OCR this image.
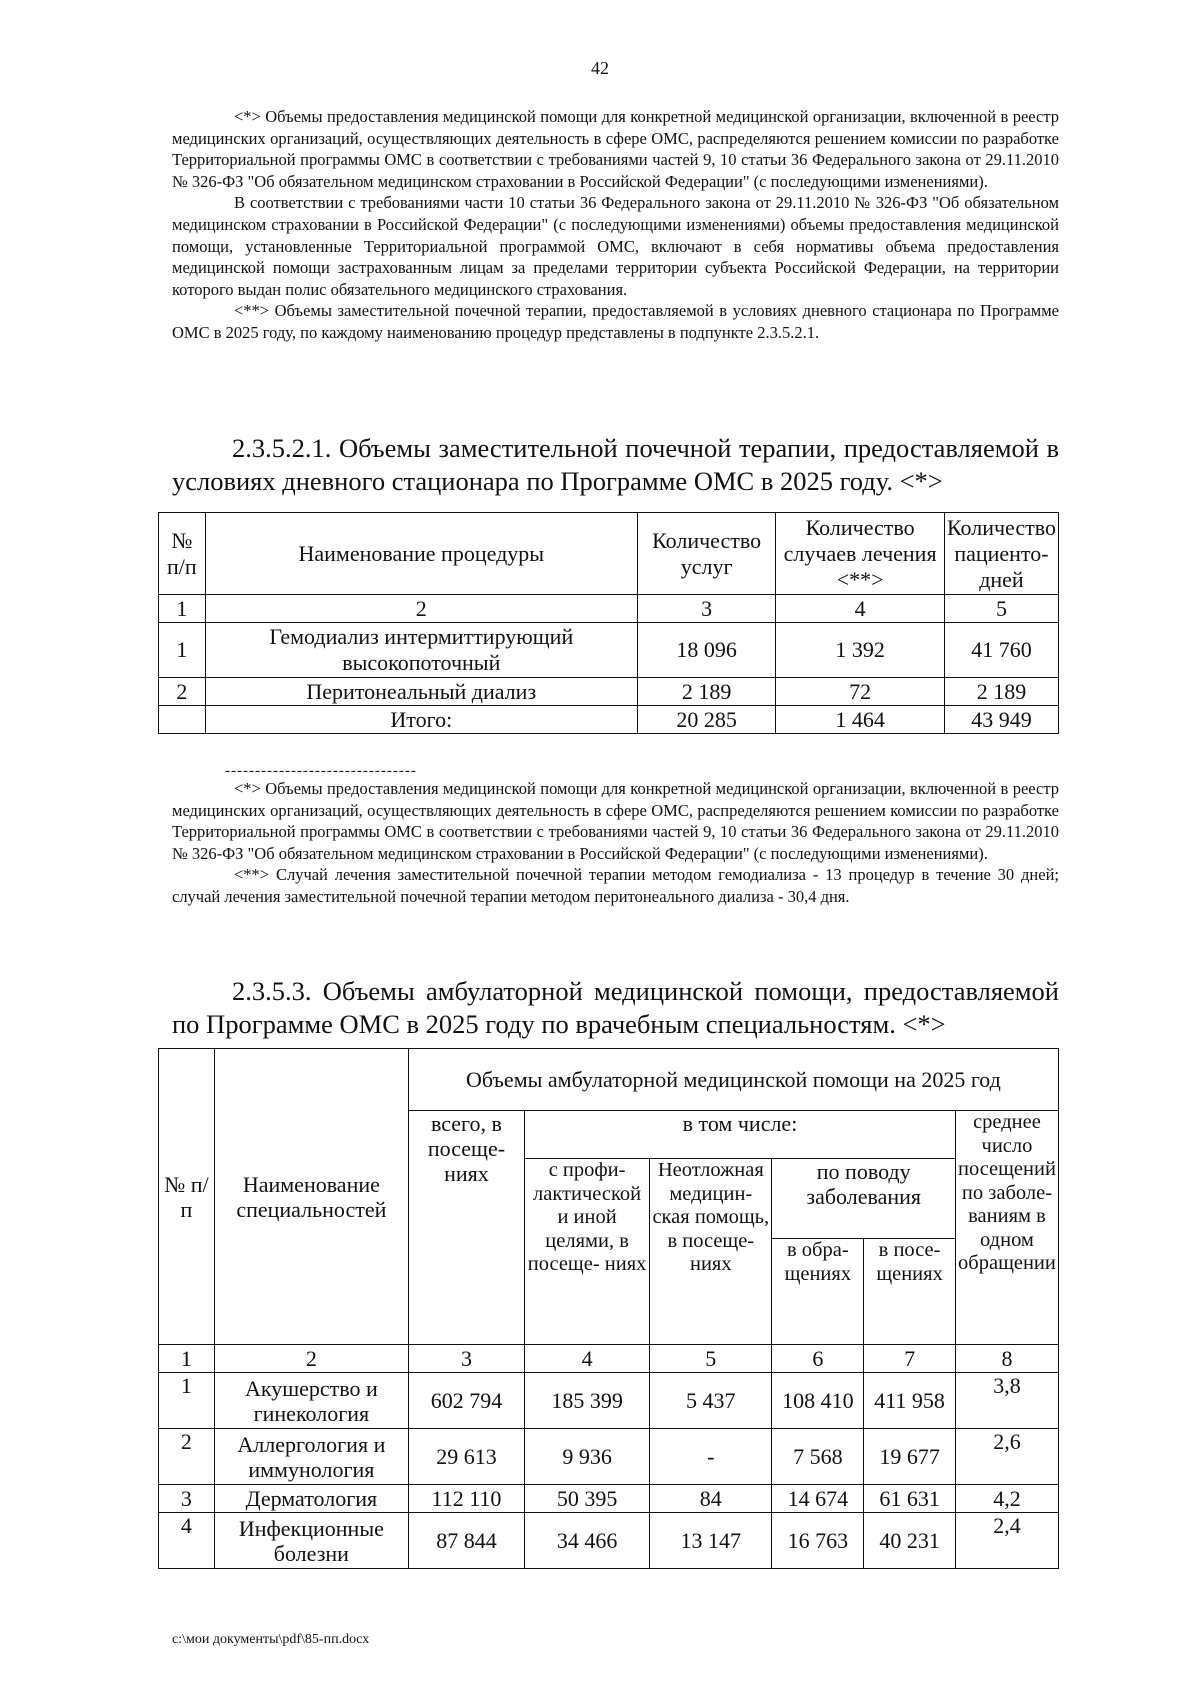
42

<*> Объемы предоставления медицинской помощи для конкретной медицинской организации, включенной в реестр медицинских организаций, осуществляющих деятельность в сфере ОМС, распределяются решением комиссии по разработке Территориальной программы ОМС в соответствии с требованиями частей 9, 10 статьи 36 Федерального закона от 29.11.2010 № 326-ФЗ "Об обязательном медицинском страховании в Российской Федерации" (с последующими изменениями).

В соответствии с требованиями части 10 статьи 36 Федерального закона от 29.11.2010 № 326-ФЗ "Об обязательном медицинском страховании в Российской Федерации" (с последующими изменениями) объемы предоставления медицинской помощи, установленные Территориальной программой ОМС, включают в себя нормативы объема предоставления медицинской помощи застрахованным лицам за пределами территории субъекта Российской Федерации, на территории которого выдан полис обязательного медицинского страхования.

<**> Объемы заместительной почечной терапии, предоставляемой в условиях дневного стационара по Программе ОМС в 2025 году, по каждому наименованию процедур представлены в подпункте 2.3.5.2.1.

2.3.5.2.1. Объемы заместительной почечной терапии, предоставляемой в условиях дневного стационара по Программе ОМС в 2025 году. <*>

№ п/п	Наименование процедуры	Количество услуг	Количество случаев лечения <**>	Количество пациенто-дней
1	2	3	4	5
1	Гемодиализ интермиттирующий высокопоточный	18 096	1 392	41 760
2	Перитонеальный диализ	2 189	72	2 189
	Итого:	20 285	1 464	43 949
--------------------------------

<*> Объемы предоставления медицинской помощи для конкретной медицинской организации, включенной в реестр медицинских организаций, осуществляющих деятельность в сфере ОМС, распределяются решением комиссии по разработке Территориальной программы ОМС в соответствии с требованиями частей 9, 10 статьи 36 Федерального закона от 29.11.2010 № 326-ФЗ "Об обязательном медицинском страховании в Российской Федерации" (с последующими изменениями).

<**> Случай лечения заместительной почечной терапии методом гемодиализа - 13 процедур в течение 30 дней; случай лечения заместительной почечной терапии методом перитонеального диализа - 30,4 дня.

2.3.5.3. Объемы амбулаторной медицинской помощи, предоставляемой по Программе ОМС в 2025 году по врачебным специальностям. <*>

№ п/п	Наименование специальностей	Объемы амбулаторной медицинской помощи на 2025 год					
		всего, в посеще- ниях	в том числе:				среднее число посещений по заболе- ваниям в одном обращении
			с профи- лактической и иной целями, в посеще- ниях	Неотложная медицин- ская помощь, в посеще- ниях	по поводу заболевания		
					в обра- щениях	в посе- щениях	
1	2	3	4	5	6	7	8
1	Акушерство и гинекология	602 794	185 399	5 437	108 410	411 958	3,8
2	Аллергология и иммунология	29 613	9 936	-	7 568	19 677	2,6
3	Дерматология	112 110	50 395	84	14 674	61 631	4,2
4	Инфекционные болезни	87 844	34 466	13 147	16 763	40 231	2,4
c:\мои документы\pdf\85-пп.docx
